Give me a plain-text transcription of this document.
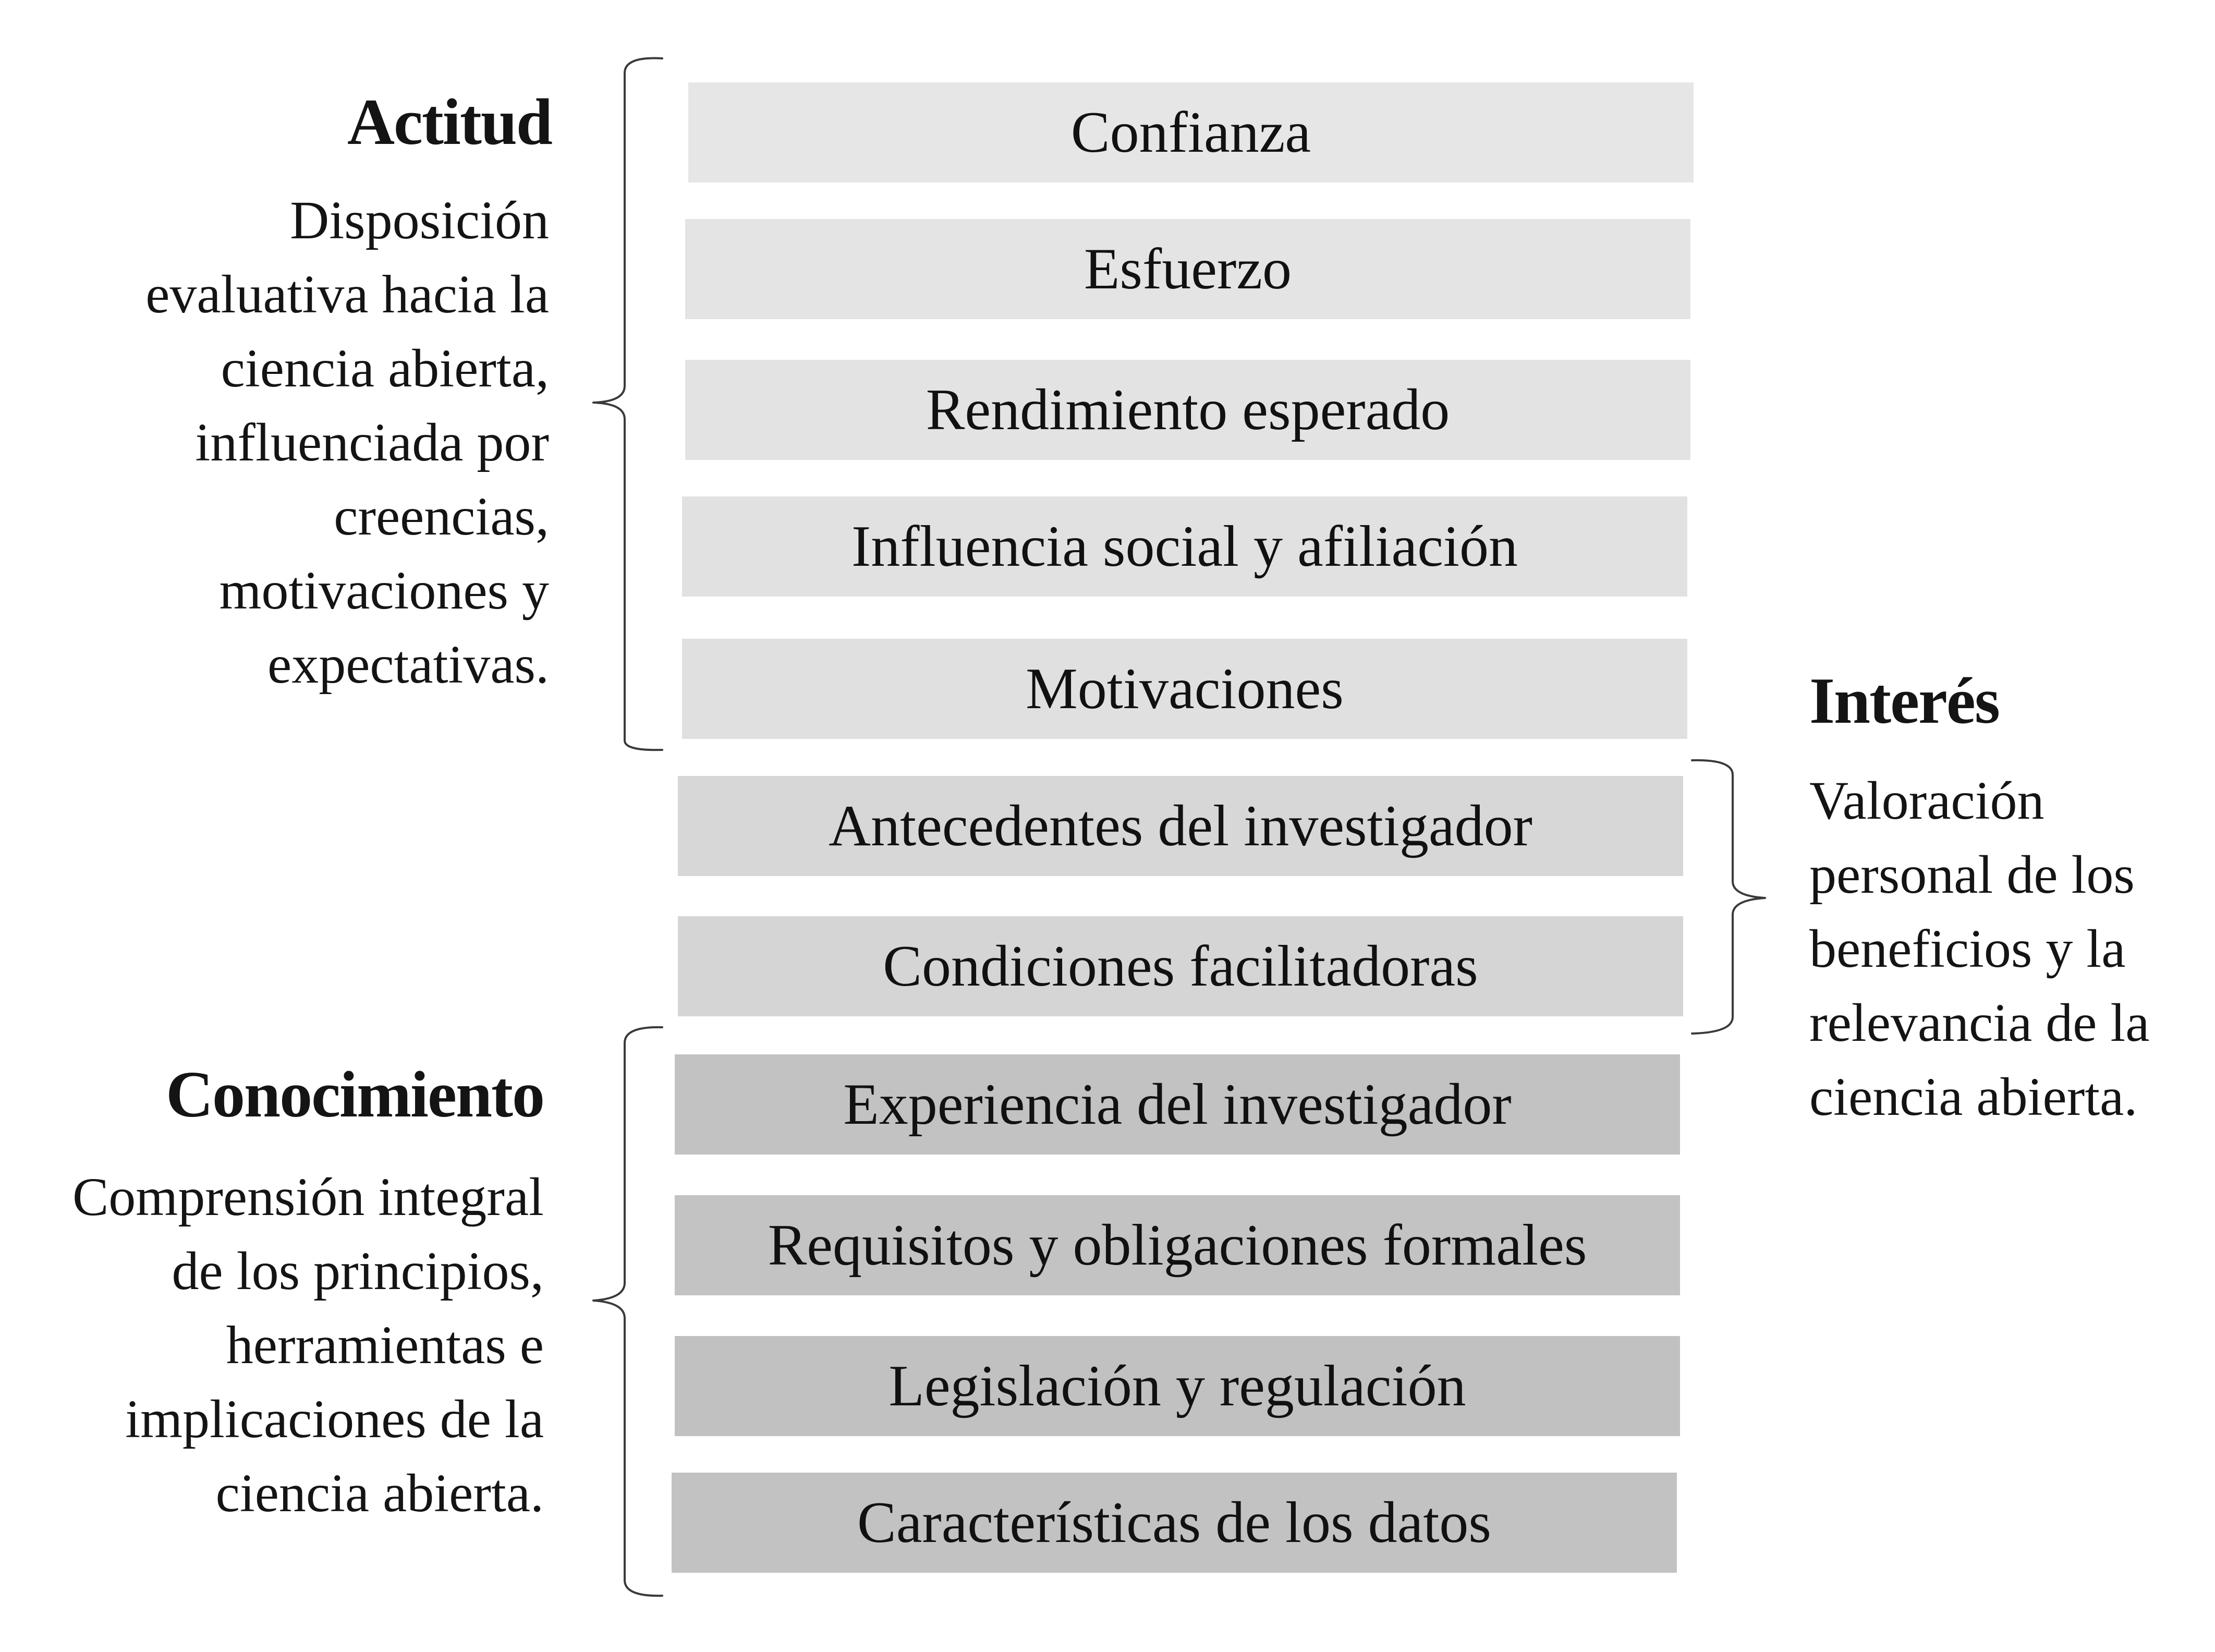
Actitud
Disposición
evaluativa hacia la
ciencia abierta,
influenciada por
creencias,
motivaciones y
expectativas.
Interés
Valoración
personal de los
beneficios y la
relevancia de la
ciencia abierta.
Conocimiento
Comprensión integral
de los principios,
herramientas e
implicaciones de la
ciencia abierta.
Confianza
Esfuerzo
Rendimiento esperado
Influencia social y afiliación
Motivaciones
Antecedentes del investigador
Condiciones facilitadoras
Experiencia del investigador
Requisitos y obligaciones formales
Legislación y regulación
Características de los datos
